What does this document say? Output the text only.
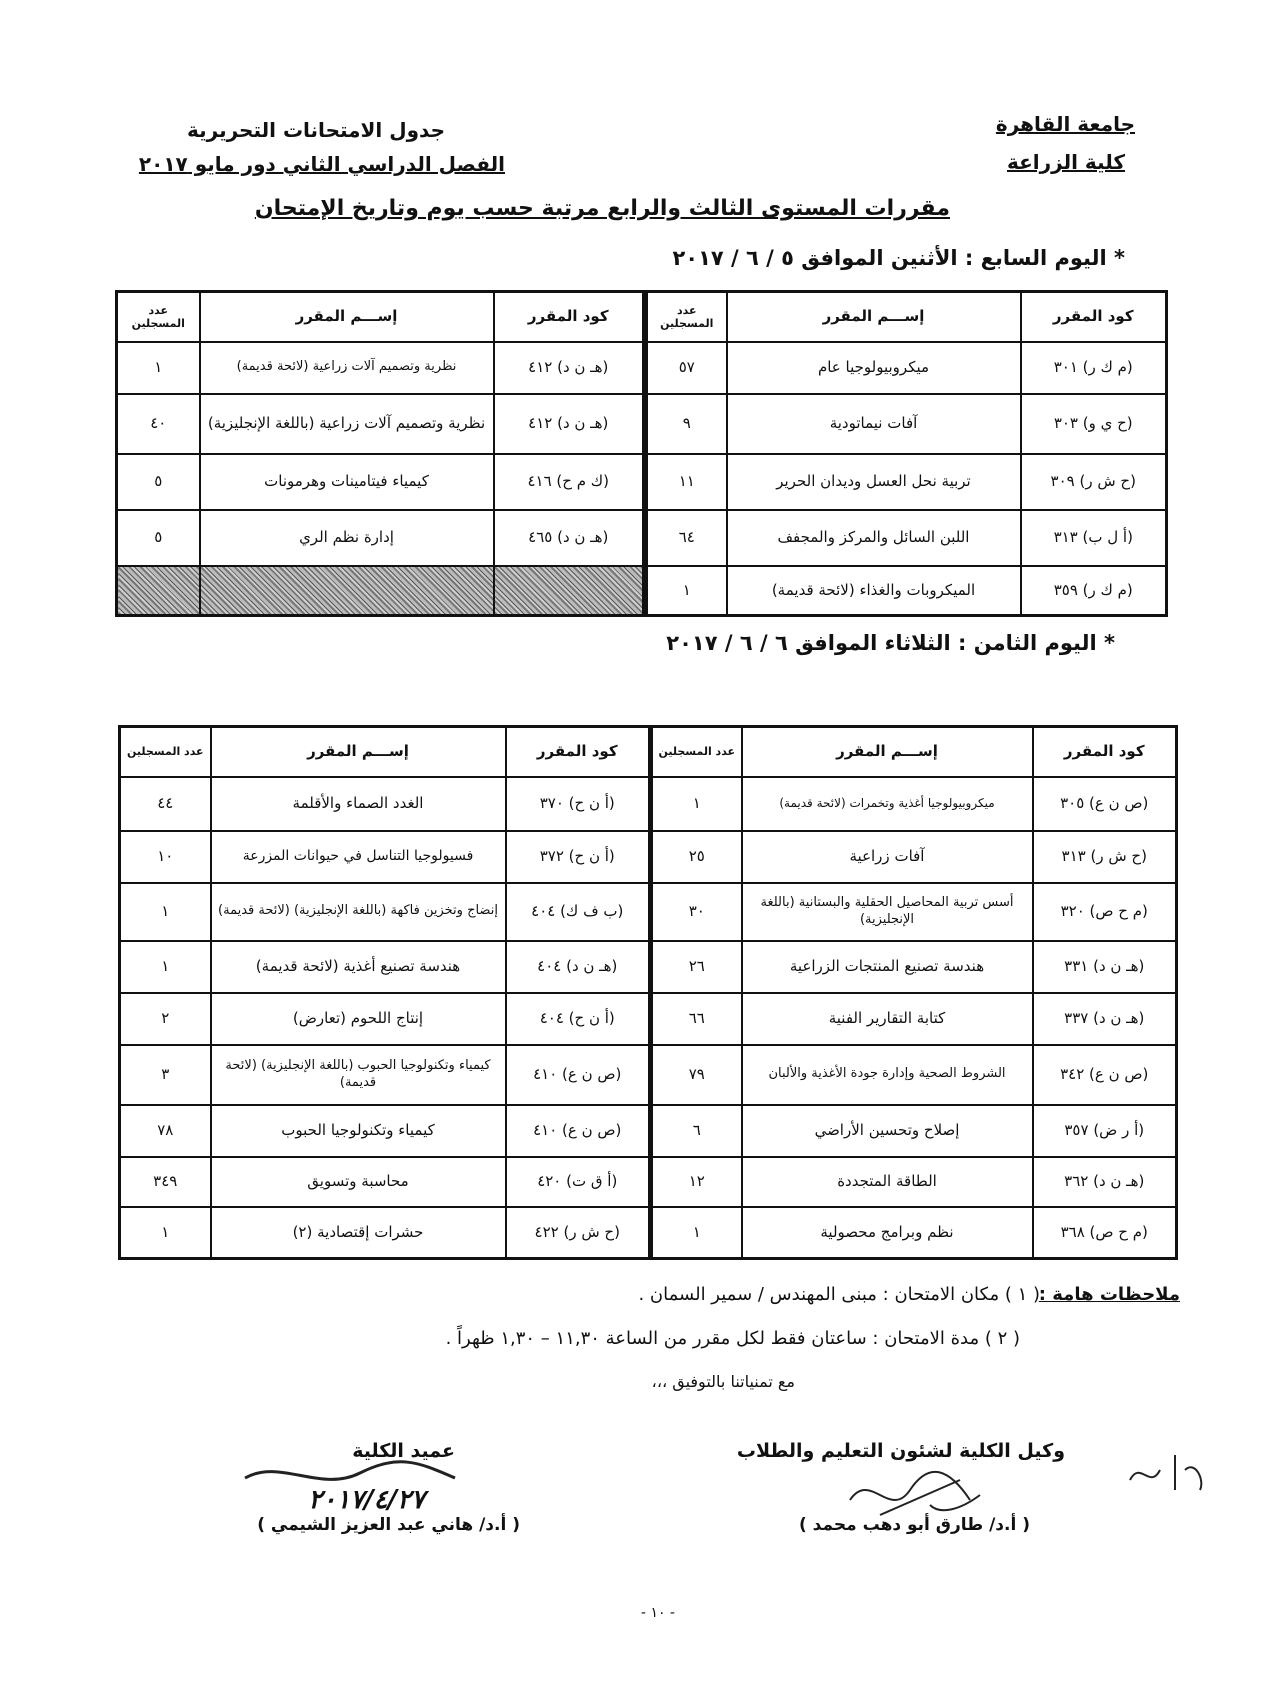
جامعة القاهرة
كلية الزراعة
جدول الامتحانات التحريرية
الفصل الدراسي الثاني دور مايو ٢٠١٧
مقررات المستوى الثالث والرابع مرتبة حسب يوم وتاريخ الإمتحان
* اليوم السابع : الأثنين الموافق ٥ / ٦ / ٢٠١٧
كود المقرر	إســـم المقرر	عدد المسجلين
(م ك ر) ٣٠١	ميكروبيولوجيا عام	٥٧
(ح ي و) ٣٠٣	آفات نيماتودية	٩
(ح ش ر) ٣٠٩	تربية نحل العسل وديدان الحرير	١١
(أ ل ب) ٣١٣	اللبن السائل والمركز والمجفف	٦٤
(م ك ر) ٣٥٩	الميكروبات والغذاء (لائحة قديمة)	١
كود المقرر	إســـم المقرر	عدد المسجلين
(هـ ن د) ٤١٢	نظرية وتصميم آلات زراعية (لائحة قديمة)	١
(هـ ن د) ٤١٢	نظرية وتصميم آلات زراعية (باللغة الإنجليزية)	٤٠
(ك م ح) ٤١٦	كيمياء فيتامينات وهرمونات	٥
(هـ ن د) ٤٦٥	إدارة نظم الري	٥

* اليوم الثامن : الثلاثاء الموافق ٦ / ٦ / ٢٠١٧
كود المقرر	إســـم المقرر	عدد المسجلين
(ص ن ع) ٣٠٥	ميكروبيولوجيا أغذية وتخمرات (لائحة قديمة)	١
(ح ش ر) ٣١٣	آفات زراعية	٢٥
(م ح ص) ٣٢٠	أسس تربية المحاصيل الحقلية والبستانية (باللغة الإنجليزية)	٣٠
(هـ ن د) ٣٣١	هندسة تصنيع المنتجات الزراعية	٢٦
(هـ ن د) ٣٣٧	كتابة التقارير الفنية	٦٦
(ص ن ع) ٣٤٢	الشروط الصحية وإدارة جودة الأغذية والألبان	٧٩
(أ ر ض) ٣٥٧	إصلاح وتحسين الأراضي	٦
(هـ ن د) ٣٦٢	الطاقة المتجددة	١٢
(م ح ص) ٣٦٨	نظم وبرامج محصولية	١
كود المقرر	إســـم المقرر	عدد المسجلين
(أ ن ح) ٣٧٠	الغدد الصماء والأقلمة	٤٤
(أ ن ح) ٣٧٢	فسيولوجيا التناسل في حيوانات المزرعة	١٠
(ب ف ك) ٤٠٤	إنضاج وتخزين فاكهة (باللغة الإنجليزية) (لائحة قديمة)	١
(هـ ن د) ٤٠٤	هندسة تصنيع أغذية (لائحة قديمة)	١
(أ ن ح) ٤٠٤	إنتاج اللحوم (تعارض)	٢
(ص ن ع) ٤١٠	كيمياء وتكنولوجيا الحبوب (باللغة الإنجليزية) (لائحة قديمة)	٣
(ص ن ع) ٤١٠	كيمياء وتكنولوجيا الحبوب	٧٨
(أ ق ت) ٤٢٠	محاسبة وتسويق	٣٤٩
(ح ش ر) ٤٢٢	حشرات إقتصادية (٢)	١
ملاحظات هامة :
( ١ ) مكان الامتحان : مبنى المهندس / سمير السمان .
( ٢ ) مدة الامتحان : ساعتان فقط لكل مقرر من الساعة ١١,٣٠ – ١,٣٠ ظهراً .
مع تمنياتنا بالتوفيق ،،،
وكيل الكلية لشئون التعليم والطلاب
( أ.د/ طارق أبو دهب محمد )
عميد الكلية
٢٠١٧/٤/٢٧
( أ.د/ هاني عبد العزيز الشيمي )
- ١٠ -
